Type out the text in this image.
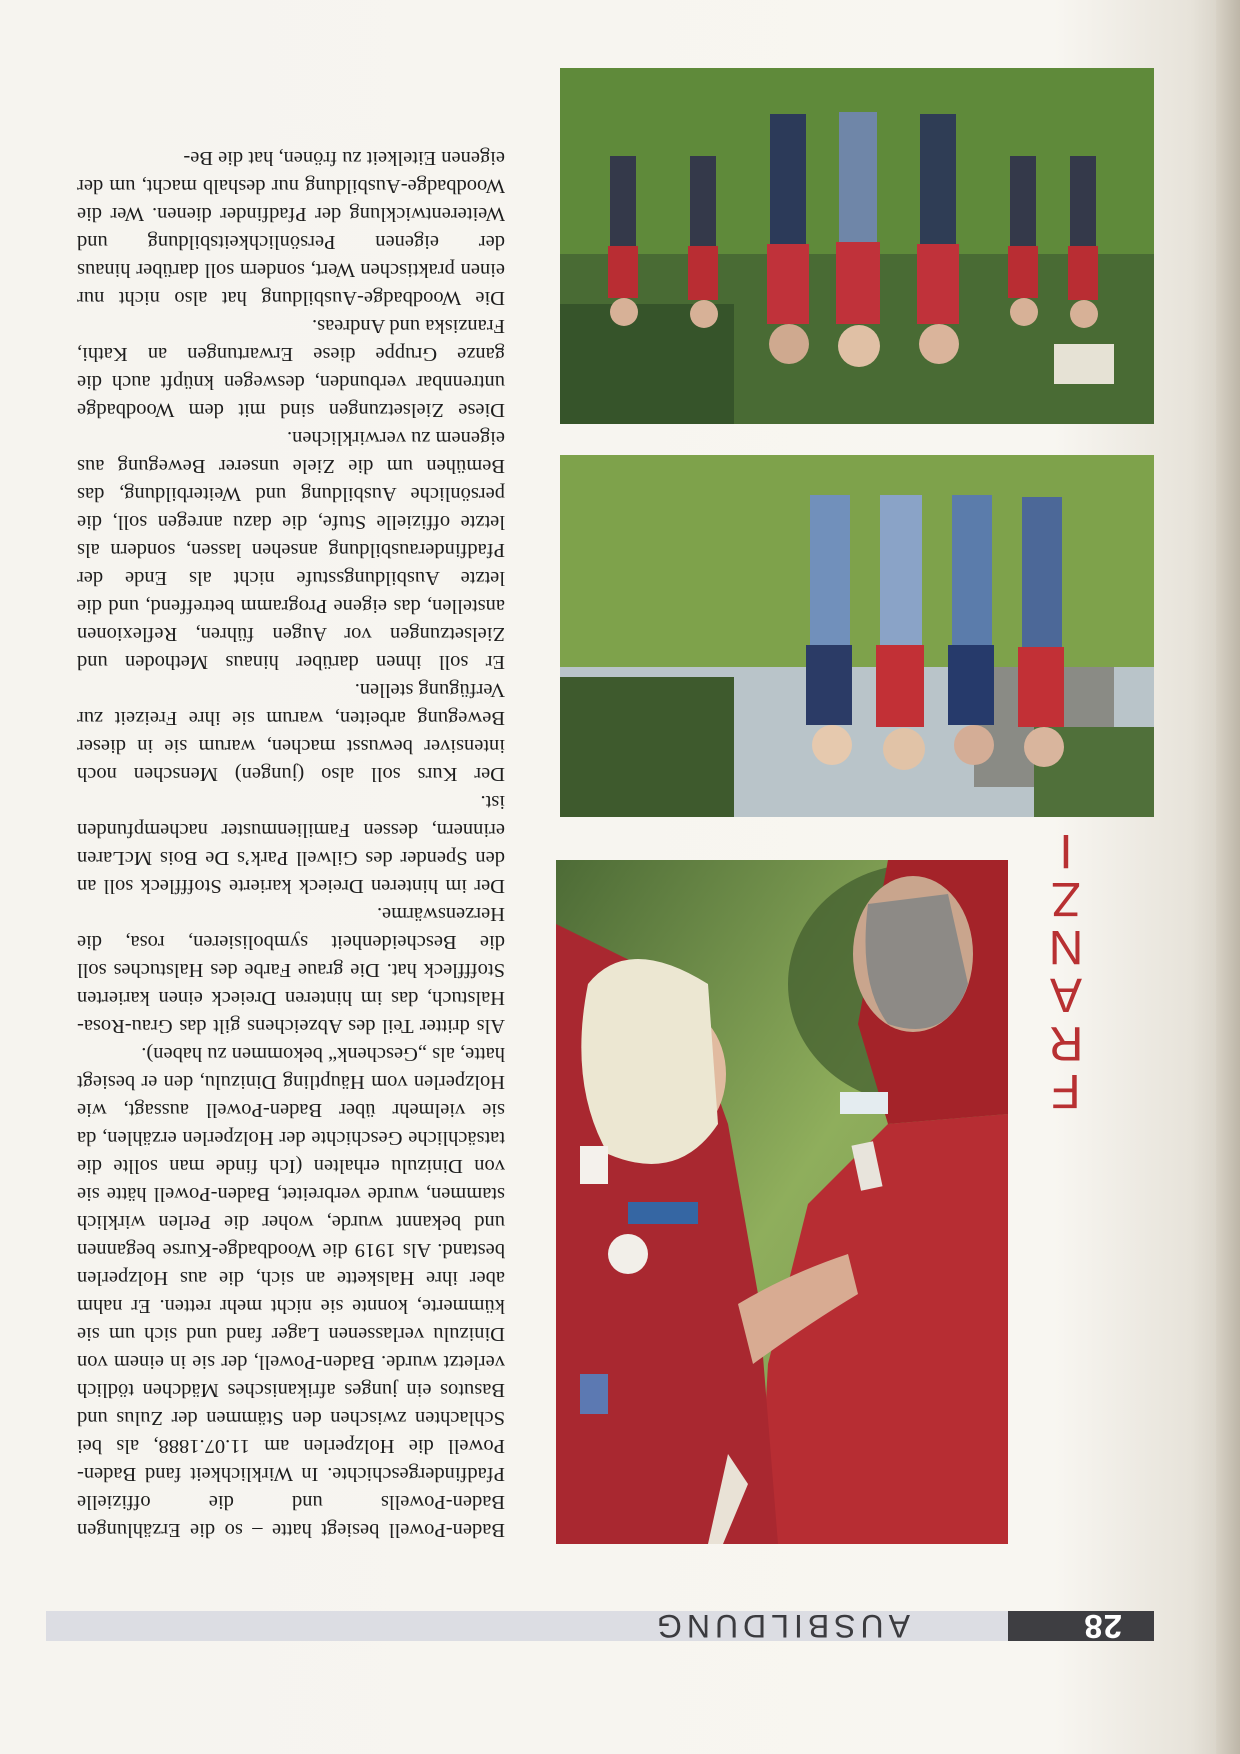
28
AUSBILDUNG
F
R
A
N
Z
I

Baden-Powell besiegt hatte – so die Erzählungen Baden-Powells und die offizielle Pfadfindergeschichte. In Wirklichkeit fand Baden-Powell die Holzperlen am 11.07.1888, als bei Schlachten zwischen den Stämmen der Zulus und Basutos ein junges afrikanisches Mädchen tödlich verletzt wurde. Baden-Powell, der sie in einem von Dinizulu verlassenen Lager fand und sich um sie kümmerte, konnte sie nicht mehr retten. Er nahm aber ihre Halskette an sich, die aus Holzperlen bestand. Als 1919 die Woodbadge-Kurse begannen und bekannt wurde, woher die Perlen wirklich stammen, wurde verbreitet, Baden-Powell hätte sie von Dinizulu erhalten (Ich finde man sollte die tatsächliche Geschichte der Holzperlen erzählen, da sie vielmehr über Baden-Powell aussagt, wie Holzperlen vom Häuptling Dinizulu, den er besiegt hatte, als „Geschenk“ bekommen zu haben).

Als dritter Teil des Abzeichens gilt das Grau-Rosa-Halstuch, das im hinteren Dreieck einen karierten Stofffleck hat. Die graue Farbe des Halstuches soll die Bescheidenheit symbolisieren, rosa, die Herzenswärme.

Der im hinteren Dreieck karierte Stofffleck soll an den Spender des Gilwell Park’s De Bois McLaren erinnern, dessen Familienmuster nachempfunden ist.

Der Kurs soll also (jungen) Menschen noch intensiver bewusst machen, warum sie in dieser Bewegung arbeiten, warum sie ihre Freizeit zur Verfügung stellen.

Er soll ihnen darüber hinaus Methoden und Zielsetzungen vor Augen führen, Reflexionen anstellen, das eigene Programm betreffend, und die letzte Ausbildungsstufe nicht als Ende der Pfadfinderausbildung ansehen lassen, sondern als letzte offizielle Stufe, die dazu anregen soll, die persönliche Ausbildung und Weiterbildung, das Bemühen um die Ziele unserer Bewegung aus eigenem zu verwirklichen.

Diese Zielsetzungen sind mit dem Woodbadge untrennbar verbunden, deswegen knüpft auch die ganze Gruppe diese Erwartungen an Kathi, Franziska und Andreas.

Die Woodbadge-Ausbildung hat also nicht nur einen praktischen Wert, sondern soll darüber hinaus der eigenen Persönlichkeitsbildung und Weiterentwicklung der Pfadfinder dienen. Wer die Woodbadge-Ausbildung nur deshalb macht, um der eigenen Eitelkeit zu frönen, hat die Be-
